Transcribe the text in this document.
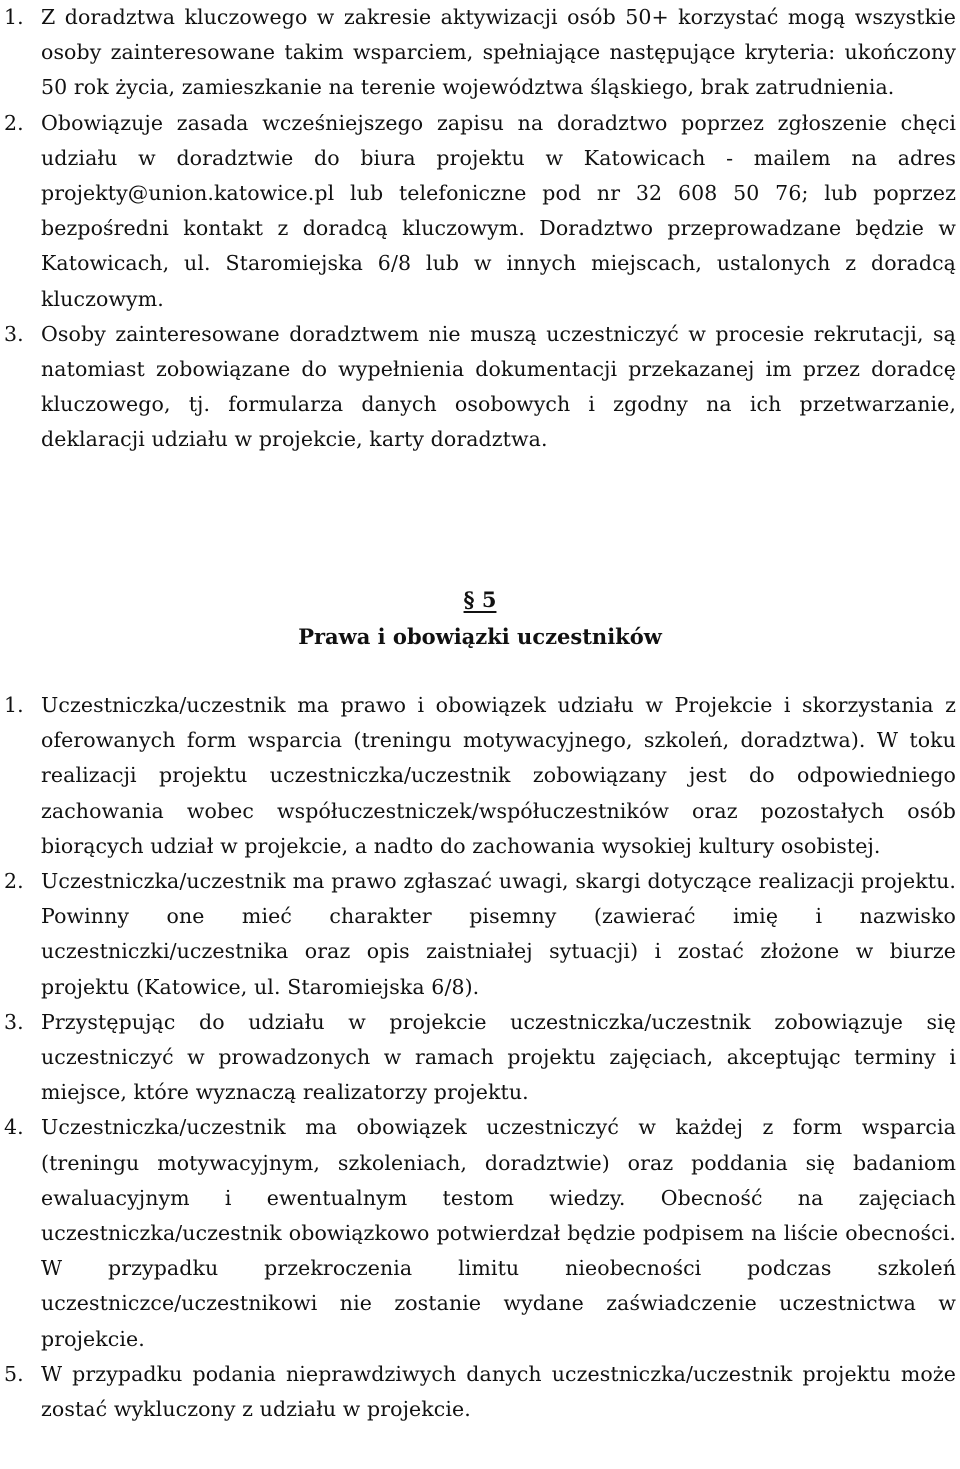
1. Z doradztwa kluczowego w zakresie aktywizacji osób 50+ korzystać mogą wszystkie osoby zainteresowane takim wsparciem, spełniające następujące kryteria: ukończony 50 rok życia, zamieszkanie na terenie województwa śląskiego, brak zatrudnienia.
2. Obowiązuje zasada wcześniejszego zapisu na doradztwo poprzez zgłoszenie chęci udziału w doradztwie do biura projektu w Katowicach - mailem na adres projekty@union.katowice.pl lub telefoniczne pod nr 32 608 50 76; lub poprzez bezpośredni kontakt z doradcą kluczowym. Doradztwo przeprowadzane będzie w Katowicach, ul. Staromiejska 6/8 lub w innych miejscach, ustalonych z doradcą kluczowym.
3. Osoby zainteresowane doradztwem nie muszą uczestniczyć w procesie rekrutacji, są natomiast zobowiązane do wypełnienia dokumentacji przekazanej im przez doradcę kluczowego, tj. formularza danych osobowych i zgodny na ich przetwarzanie, deklaracji udziału w projekcie, karty doradztwa.
§ 5
Prawa i obowiązki uczestników
1. Uczestniczka/uczestnik ma prawo i obowiązek udziału w Projekcie i skorzystania z oferowanych form wsparcia (treningu motywacyjnego, szkoleń, doradztwa). W toku realizacji projektu uczestniczka/uczestnik zobowiązany jest do odpowiedniego zachowania wobec współuczestniczek/współuczestników oraz pozostałych osób biorących udział w projekcie, a nadto do zachowania wysokiej kultury osobistej.
2. Uczestniczka/uczestnik ma prawo zgłaszać uwagi, skargi dotyczące realizacji projektu. Powinny one mieć charakter pisemny (zawierać imię i nazwisko uczestniczki/uczestnika oraz opis zaistniałej sytuacji) i zostać złożone w biurze projektu (Katowice, ul. Staromiejska 6/8).
3. Przystępując do udziału w projekcie uczestniczka/uczestnik zobowiązuje się uczestniczyć w prowadzonych w ramach projektu zajęciach, akceptując terminy i miejsce, które wyznaczą realizatorzy projektu.
4. Uczestniczka/uczestnik ma obowiązek uczestniczyć w każdej z form wsparcia (treningu motywacyjnym, szkoleniach, doradztwie) oraz poddania się badaniom ewaluacyjnym i ewentualnym testom wiedzy. Obecność na zajęciach uczestniczka/uczestnik obowiązkowo potwierdzał będzie podpisem na liście obecności. W przypadku przekroczenia limitu nieobecności podczas szkoleń uczestniczce/uczestnikowi nie zostanie wydane zaświadczenie uczestnictwa w projekcie.
5. W przypadku podania nieprawdziwych danych uczestniczka/uczestnik projektu może zostać wykluczony z udziału w projekcie.
